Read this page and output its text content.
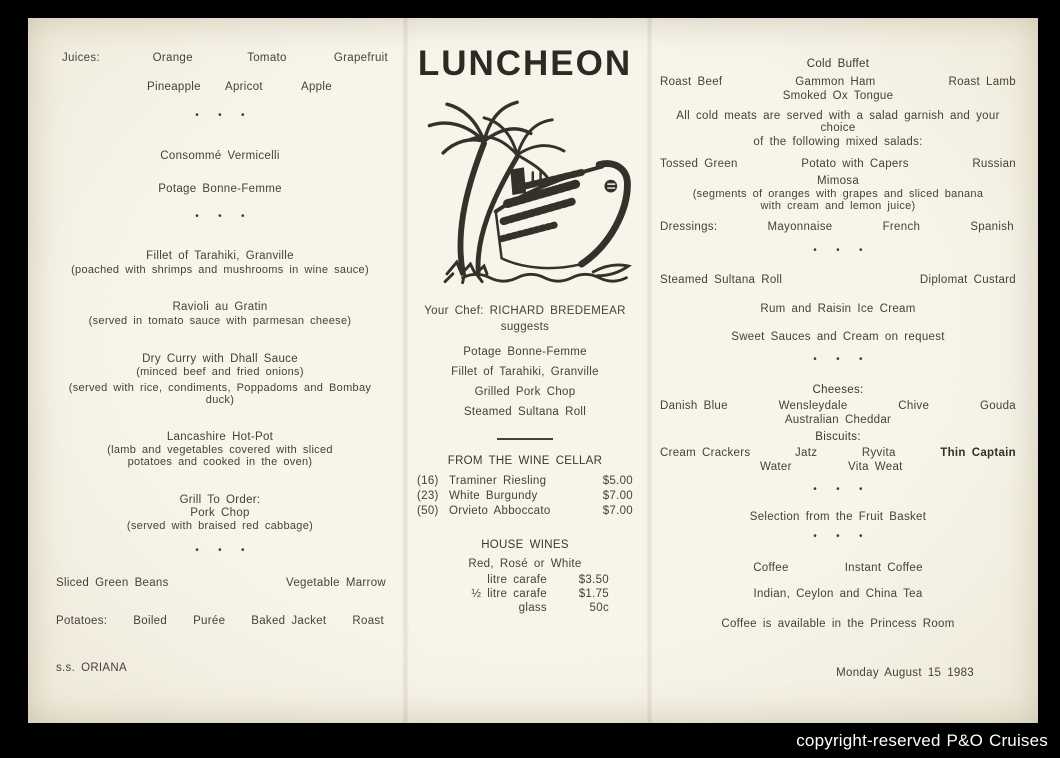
Juices:	Orange	Tomato	Grapefruit
Pineapple	Apricot	Apple
• • •
Consommé Vermicelli
Potage Bonne-Femme
• • •
Fillet of Tarahiki, Granville
(poached with shrimps and mushrooms in wine sauce)
Ravioli au Gratin
(served in tomato sauce with parmesan cheese)
Dry Curry with Dhall Sauce
(minced beef and fried onions)
(served with rice, condiments, Poppadoms and Bombay duck)
Lancashire Hot-Pot
(lamb and vegetables covered with sliced
potatoes and cooked in the oven)
Grill To Order:
Pork Chop
(served with braised red cabbage)
• • •
Sliced Green Beans	Vegetable Marrow
Potatoes: Boiled Purée Baked Jacket Roast
s.s. ORIANA
LUNCHEON
Your Chef: RICHARD BREDEMEAR
suggests
Potage Bonne-Femme
Fillet of Tarahiki, Granville
Grilled Pork Chop
Steamed Sultana Roll
FROM THE WINE CELLAR
(16) Traminer Riesling	$5.00
(23) White Burgundy	$7.00
(50) Orvieto Abboccato	$7.00
HOUSE WINES
Red, Rosé or White
litre carafe	$3.50
½ litre carafe	$1.75
glass	50c
Cold Buffet
Roast Beef	Gammon Ham	Roast Lamb
Smoked Ox Tongue
All cold meats are served with a salad garnish and your choice
of the following mixed salads:
Tossed Green	Potato with Capers	Russian
Mimosa
(segments of oranges with grapes and sliced banana
with cream and lemon juice)
Dressings:	Mayonnaise	French	Spanish
• • •
Steamed Sultana Roll	Diplomat Custard
Rum and Raisin Ice Cream
Sweet Sauces and Cream on request
• • •
Cheeses:
Danish Blue	Wensleydale	Chive	Gouda
Australian Cheddar
Biscuits:
Cream Crackers	Jatz	Ryvita	Thin Captain
Water	Vita Weat
• • •
Selection from the Fruit Basket
• • •
Coffee	Instant Coffee
Indian, Ceylon and China Tea
Coffee is available in the Princess Room
Monday August 15 1983
copyright-reserved P&O Cruises
